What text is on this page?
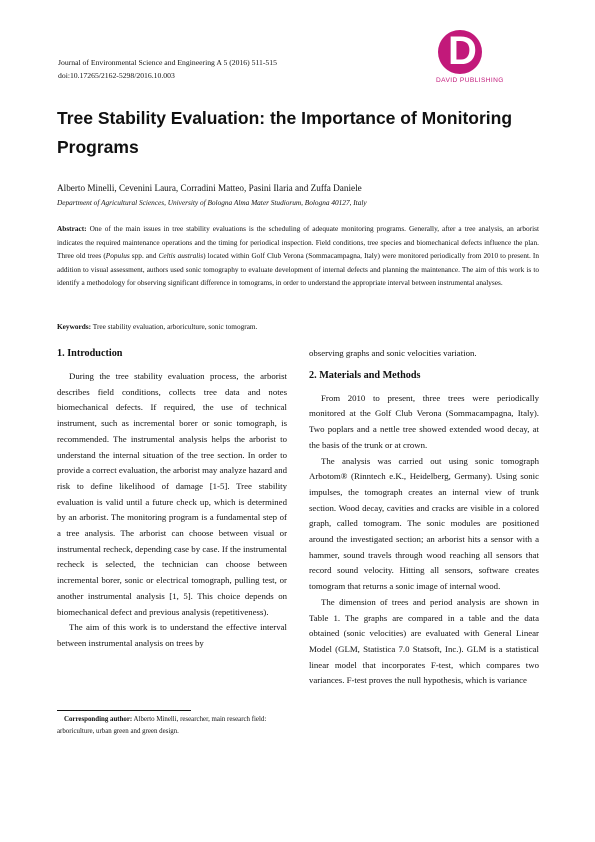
Journal of Environmental Science and Engineering A 5 (2016) 511-515
doi:10.17265/2162-5298/2016.10.003
D
DAVID PUBLISHING
Tree Stability Evaluation: the Importance of Monitoring Programs
Alberto Minelli, Cevenini Laura, Corradini Matteo, Pasini Ilaria and Zuffa Daniele
Department of Agricultural Sciences, University of Bologna Alma Mater Studiorum, Bologna 40127, Italy
Abstract: One of the main issues in tree stability evaluations is the scheduling of adequate monitoring programs. Generally, after a tree analysis, an arborist indicates the required maintenance operations and the timing for periodical inspection. Field conditions, tree species and biomechanical defects influence the plan. Three old trees (Populus spp. and Celtis australis) located within Golf Club Verona (Sommacampagna, Italy) were monitored periodically from 2010 to present. In addition to visual assessment, authors used sonic tomography to evaluate development of internal defects and planning the maintenance. The aim of this work is to identify a methodology for observing significant difference in tomograms, in order to understand the appropriate interval between instrumental analyses.
Keywords: Tree stability evaluation, arboriculture, sonic tomogram.
1. Introduction

During the tree stability evaluation process, the arborist describes field conditions, collects tree data and notes biomechanical defects. If required, the use of technical instrument, such as incremental borer or sonic tomograph, is recommended. The instrumental analysis helps the arborist to understand the internal situation of the tree section. In order to provide a correct evaluation, the arborist may analyze hazard and risk to define likelihood of damage [1-5]. Tree stability evaluation is valid until a future check up, which is determined by an arborist. The monitoring program is a fundamental step of a tree analysis. The arborist can choose between visual or instrumental recheck, depending case by case. If the instrumental recheck is selected, the technician can choose between incremental borer, sonic or electrical tomograph, pulling test, or another instrumental analysis [1, 5]. This choice depends on biomechanical defect and previous analysis (repetitiveness).

The aim of this work is to understand the effective interval between instrumental analysis on trees by

observing graphs and sonic velocities variation.

2. Materials and Methods

From 2010 to present, three trees were periodically monitored at the Golf Club Verona (Sommacampagna, Italy). Two poplars and a nettle tree showed extended wood decay, at the basis of the trunk or at crown.

The analysis was carried out using sonic tomograph Arbotom® (Rinntech e.K., Heidelberg, Germany). Using sonic impulses, the tomograph creates an internal view of trunk section. Wood decay, cavities and cracks are visible in a colored graph, called tomogram. The sonic modules are positioned around the investigated section; an arborist hits a sensor with a hammer, sound travels through wood reaching all sensors that record sound velocity. Hitting all sensors, software creates tomogram that returns a sonic image of internal wood.

The dimension of trees and period analysis are shown in Table 1. The graphs are compared in a table and the data obtained (sonic velocities) are evaluated with General Linear Model (GLM, Statistica 7.0 Statsoft, Inc.). GLM is a statistical linear model that incorporates F-test, which compares two variances. F-test proves the null hypothesis, which is variance

Corresponding author: Alberto Minelli, researcher, main research field: arboriculture, urban green and green design.
